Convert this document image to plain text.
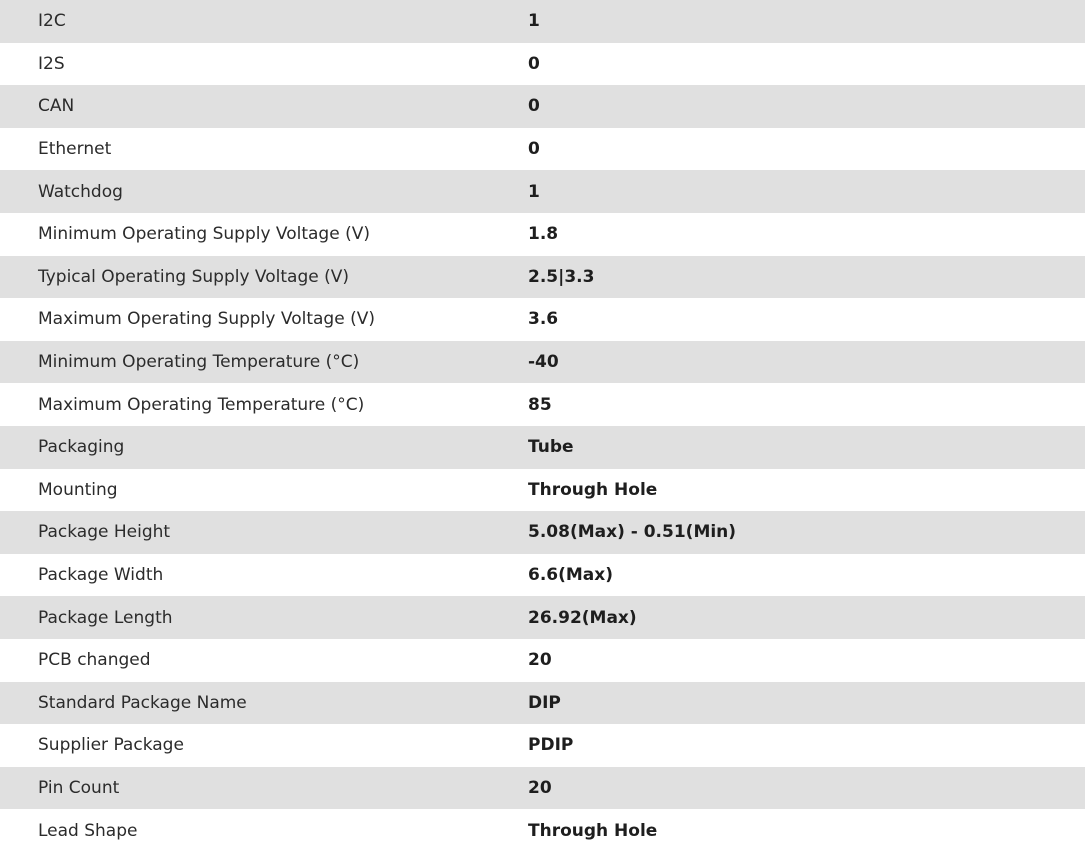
I2C	1
I2S	0
CAN	0
Ethernet	0
Watchdog	1
Minimum Operating Supply Voltage (V)	1.8
Typical Operating Supply Voltage (V)	2.5|3.3
Maximum Operating Supply Voltage (V)	3.6
Minimum Operating Temperature (°C)	-40
Maximum Operating Temperature (°C)	85
Packaging	Tube
Mounting	Through Hole
Package Height	5.08(Max) - 0.51(Min)
Package Width	6.6(Max)
Package Length	26.92(Max)
PCB changed	20
Standard Package Name	DIP
Supplier Package	PDIP
Pin Count	20
Lead Shape	Through Hole
